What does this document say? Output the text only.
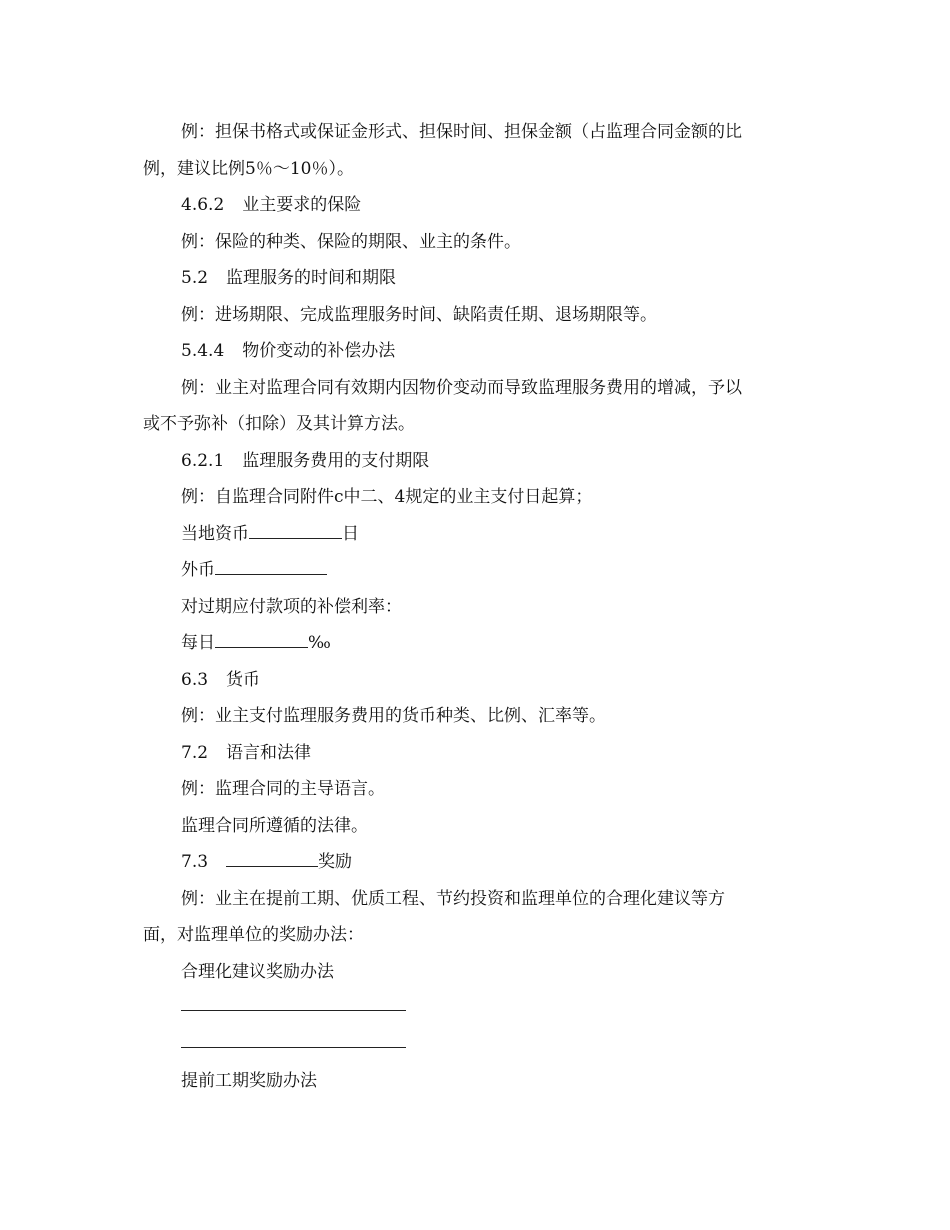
例：担保书格式或保证金形式、担保时间、担保金额（占监理合同金额的比
例，建议比例5％～10％）。
4.6.2 业主要求的保险
例：保险的种类、保险的期限、业主的条件。
5.2 监理服务的时间和期限
例：进场期限、完成监理服务时间、缺陷责任期、退场期限等。
5.4.4 物价变动的补偿办法
例：业主对监理合同有效期内因物价变动而导致监理服务费用的增减，予以
或不予弥补（扣除）及其计算方法。
6.2.1 监理服务费用的支付期限
例：自监理合同附件c中二、4规定的业主支付日起算；
当地资币	日
外币
对过期应付款项的补偿利率：
每日	‰
6.3 货币
例：业主支付监理服务费用的货币种类、比例、汇率等。
7.2 语言和法律
例：监理合同的主导语言。
监理合同所遵循的法律。
7.3	奖励
例：业主在提前工期、优质工程、节约投资和监理单位的合理化建议等方
面，对监理单位的奖励办法：
合理化建议奖励办法
提前工期奖励办法
